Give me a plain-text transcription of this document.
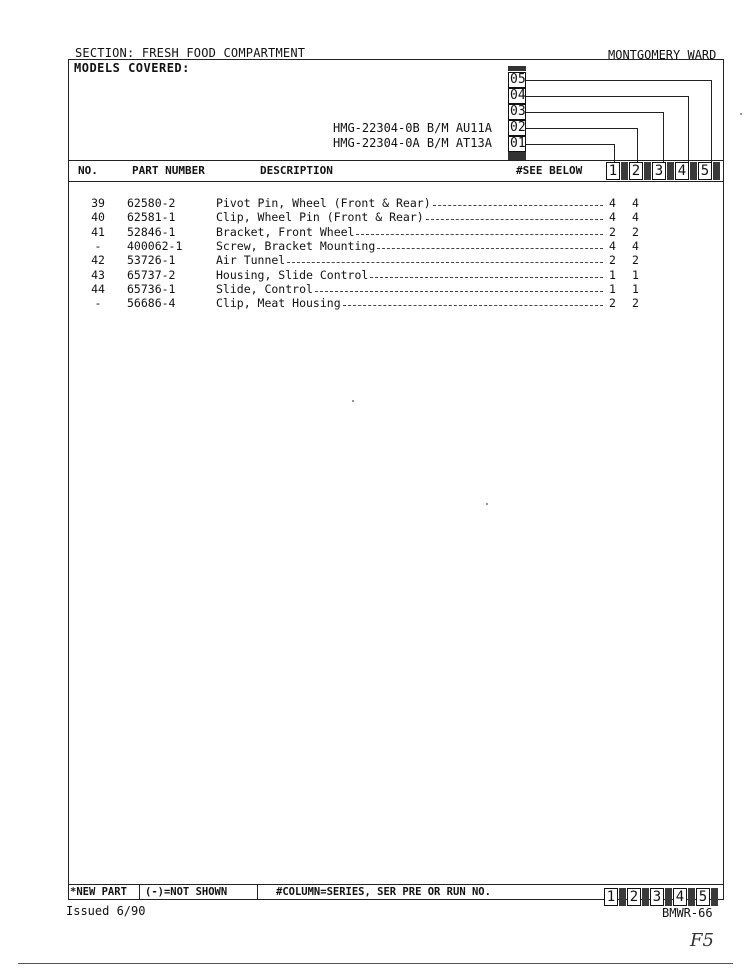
SECTION: FRESH FOOD COMPARTMENT	MONTGOMERY WARD
MODELS COVERED:
HMG-22304-0B B/M AU11A
HMG-22304-0A B/M AT13A
05
04
03
02
01
NO.	PART NUMBER	DESCRIPTION	#SEE BELOW 1 2 3 4 5
39	62580-2	Pivot Pin, Wheel (Front & Rear)	4 4
40	62581-1	Clip, Wheel Pin (Front & Rear)	4 4
41	52846-1	Bracket, Front Wheel	2 2
-	400062-1	Screw, Bracket Mounting	4 4
42	53726-1	Air Tunnel	2 2
43	65737-2	Housing, Slide Control	1 1
44	65736-1	Slide, Control	1 1
-	56686-4	Clip, Meat Housing	2 2
*NEW PART (-)=NOT SHOWN	#COLUMN=SERIES, SER PRE OR RUN NO.	1 2 3 4 5
Issued 6/90	BMWR-66
F5
